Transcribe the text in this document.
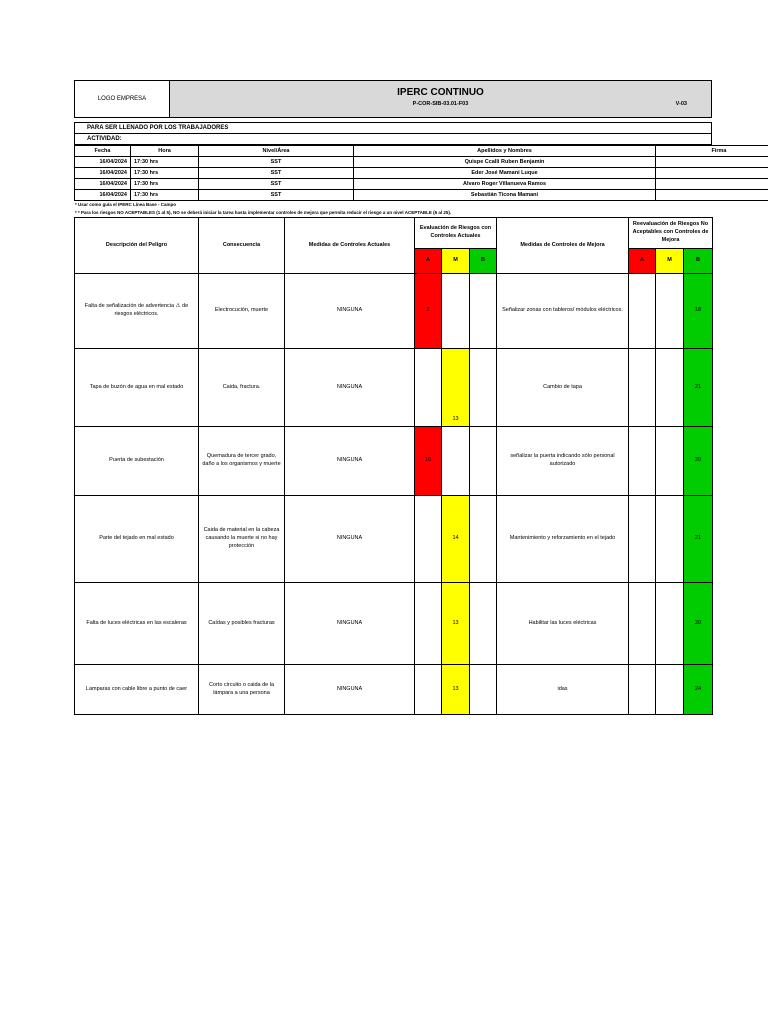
LOGO EMPRESA
IPERC CONTINUO
P-COR-SIB-03.01-F03	V-03
PARA SER LLENADO POR LOS TRABAJADORES
ACTIVIDAD:
Fecha	Hora	Nivel/Área	Apellidos y Nombres	Firma
16/04/2024	17:30 hrs	SST	Quispe Ccalli Ruben Benjamin	
16/04/2024	17:30 hrs	SST	Eder José Mamani Luque	
16/04/2024	17:30 hrs	SST	Alvaro Roger Villanueva Ramos	
16/04/2024	17:30 hrs	SST	Sebastián Ticona Mamani	
* Usar como guía el IPERC Línea Base - Campo
* * Para los riesgos NO ACEPTABLES (1 al 5), NO se deberá iniciar la tarea hasta implementar controles de mejora que permita reducir el riesgo a un nivel ACEPTABLE (6 al 25).
Descripción del Peligro	Consecuencia	Medidas de Controles Actuales	Evaluación de Riesgos con Controles Actuales			Medidas de Controles de Mejora	Reevaluación de Riesgos No Aceptables con Controles de Mejora		
			A	M	B		A	M	B
Falta de señalización de advertencia ⚠ de riesgos eléctricos.	Electrocución, muerte	NINGUNA	2			Señalizar zonas con tableros/ módulos eléctricos.			18
Tapa de buzón de agua en mal estado	Caida, fractura.	NINGUNA		13		Cambio de tapa			21
Puerta de subestación	Quemadura de tercer grado, daño a los organismos y muerte	NINGUNA	10			señalizar la puerta indicando sólo personal autorizado			20
Parte del tejado en mal estado	Caida de material en la cabeza causando la muerte si no hay protección	NINGUNA		14		Mantenimiento y reforzamiento en el tejado			21
Falta de luces eléctricas en las escaleras	Caídas y posibles fracturas	NINGUNA		13		Habilitar las luces eléctricas			20
Lamparas con cable libre a punto de caer	Corto circuito o caida de la lámpara a una persona	NINGUNA		13		idas			24
